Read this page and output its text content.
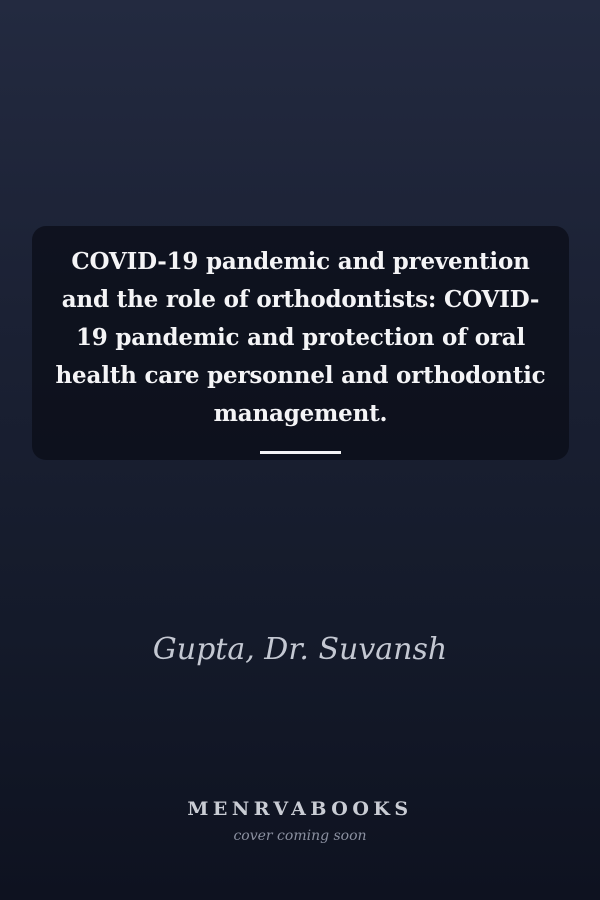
COVID-19 pandemic and prevention and the role of orthodontists: COVID-19 pandemic and protection of oral health care personnel and orthodontic management.
Gupta, Dr. Suvansh
MENRVABOOKS
cover coming soon
